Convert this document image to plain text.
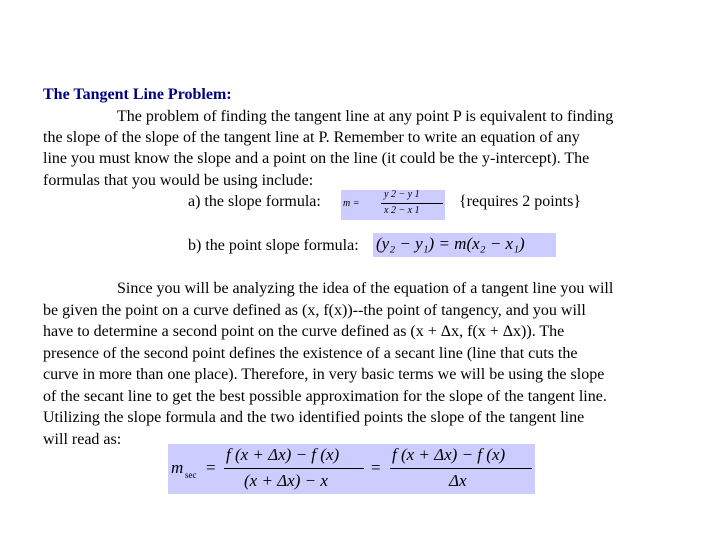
The Tangent Line Problem:
The problem of finding the tangent line at any point P is equivalent to finding
the slope of the slope of the tangent line at P. Remember to write an equation of any
line you must know the slope and a point on the line (it could be the y-intercept). The
formulas that you would be using include:
a) the slope formula: m =
y 2 − y 1
x 2 − x 1
{requires 2 points}
b) the point slope formula: (y₂ − y₁) = m(x₂ − x₁)
Since you will be analyzing the idea of the equation of a tangent line you will
be given the point on a curve defined as (x, f(x))--the point of tangency, and you will
have to determine a second point on the curve defined as (x + Δx, f(x + Δx)). The
presence of the second point defines the existence of a secant line (line that cuts the
curve in more than one place). Therefore, in very basic terms we will be using the slope
of the secant line to get the best possible approximation for the slope of the tangent line.
Utilizing the slope formula and the two identified points the slope of the tangent line
will read as:
m sec =
f (x + Δx) − f (x)
(x + Δx) − x
=
f (x + Δx) − f (x)
Δx
